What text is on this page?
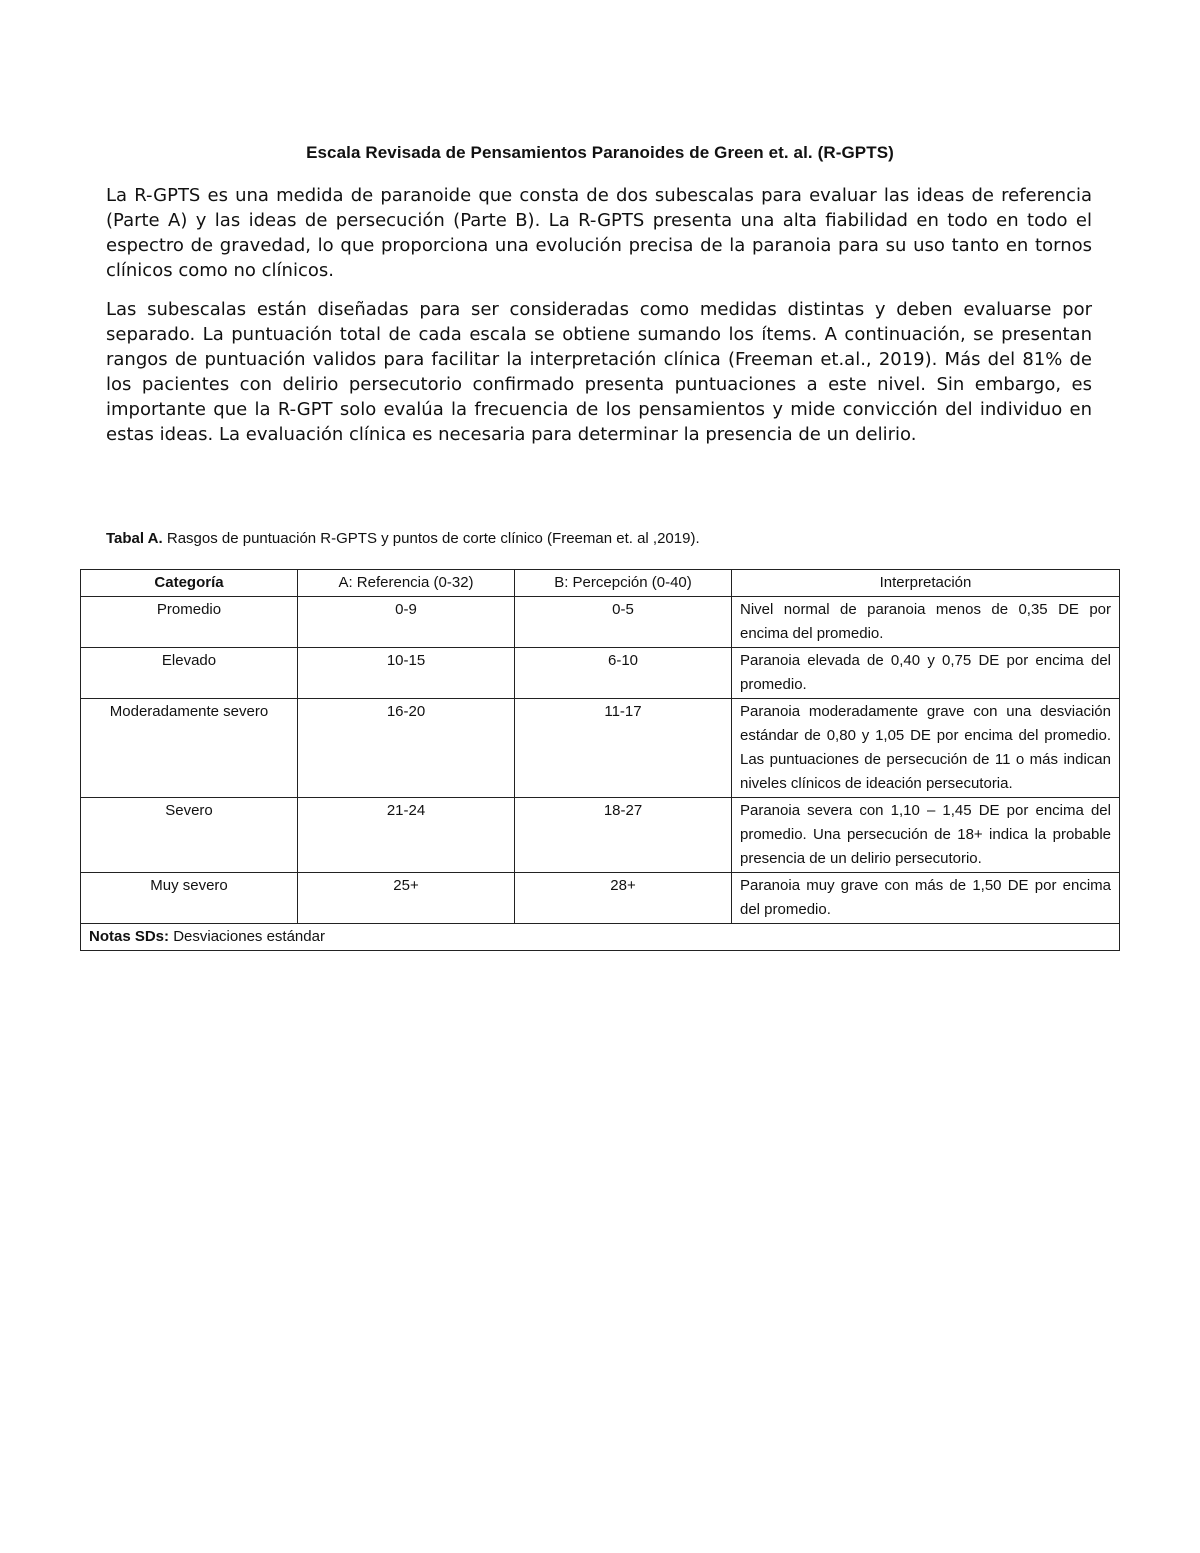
Escala Revisada de Pensamientos Paranoides de Green et. al. (R-GPTS)

La R-GPTS es una medida de paranoide que consta de dos subescalas para evaluar las ideas de referencia (Parte A) y las ideas de persecución (Parte B). La R-GPTS presenta una alta fiabilidad en todo en todo el espectro de gravedad, lo que proporciona una evolución precisa de la paranoia para su uso tanto en tornos clínicos como no clínicos.

Las subescalas están diseñadas para ser consideradas como medidas distintas y deben evaluarse por separado. La puntuación total de cada escala se obtiene sumando los ítems. A continuación, se presentan rangos de puntuación validos para facilitar la interpretación clínica (Freeman et.al., 2019). Más del 81% de los pacientes con delirio persecutorio confirmado presenta puntuaciones a este nivel. Sin embargo, es importante que la R-GPT solo evalúa la frecuencia de los pensamientos y mide convicción del individuo en estas ideas. La evaluación clínica es necesaria para determinar la presencia de un delirio.

Tabal A. Rasgos de puntuación R-GPTS y puntos de corte clínico (Freeman et. al ,2019).
Categoría	A: Referencia (0-32)	B: Percepción (0-40)	Interpretación
Promedio	0-9	0-5	Nivel normal de paranoia menos de 0,35 DE por encima del promedio.
Elevado	10-15	6-10	Paranoia elevada de 0,40 y 0,75 DE por encima del promedio.
Moderadamente severo	16-20	11-17	Paranoia moderadamente grave con una desviación estándar de 0,80 y 1,05 DE por encima del promedio. Las puntuaciones de persecución de 11 o más indican niveles clínicos de ideación persecutoria.
Severo	21-24	18-27	Paranoia severa con 1,10 – 1,45 DE por encima del promedio. Una persecución de 18+ indica la probable presencia de un delirio persecutorio.
Muy severo	25+	28+	Paranoia muy grave con más de 1,50 DE por encima del promedio.
Notas SDs: Desviaciones estándar			
